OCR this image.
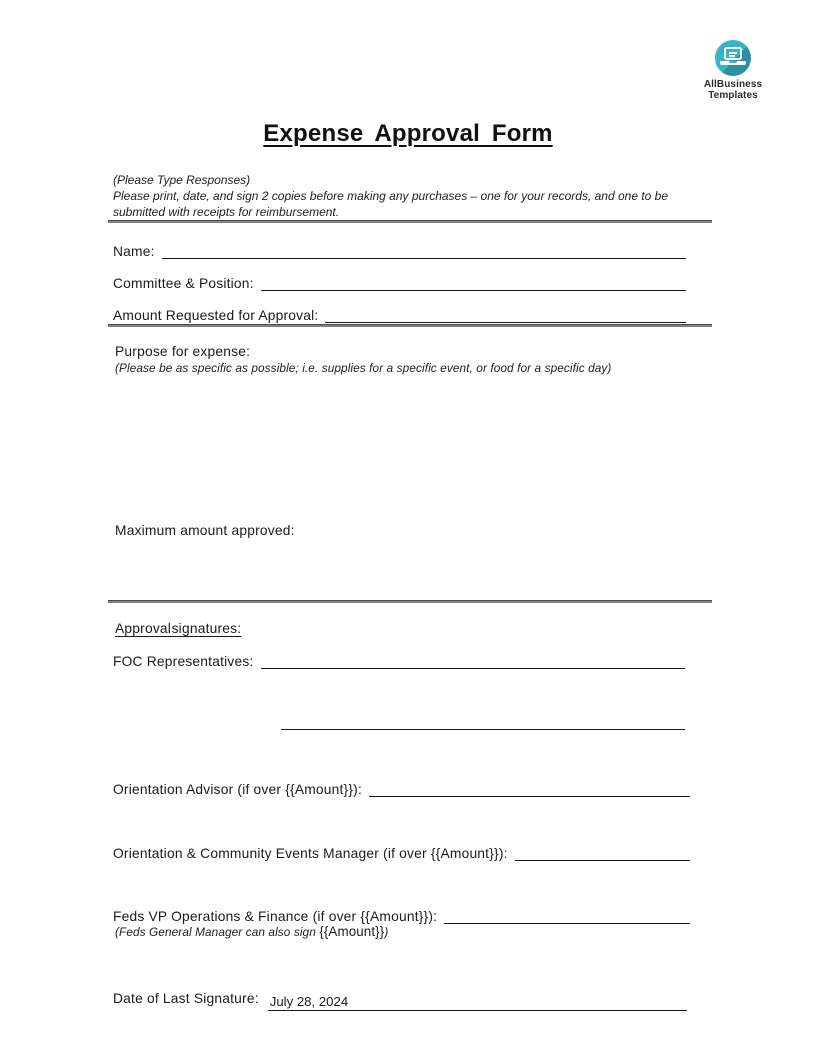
AllBusiness
Templates
Expense Approval Form
(Please Type Responses)
Please print, date, and sign 2 copies before making any purchases – one for your records, and one to be submitted with receipts for reimbursement.
Name:
Committee & Position:
Amount Requested for Approval:
Purpose for expense:
(Please be as specific as possible; i.e. supplies for a specific event, or food for a specific day)
Maximum amount approved:
Approval signatures:
FOC Representatives:
Orientation Advisor (if over {{Amount}}):
Orientation & Community Events Manager (if over {{Amount}}):
Feds VP Operations & Finance (if over {{Amount}}):
(Feds General Manager can also sign {{Amount}})
Date of Last Signature: July 28, 2024
